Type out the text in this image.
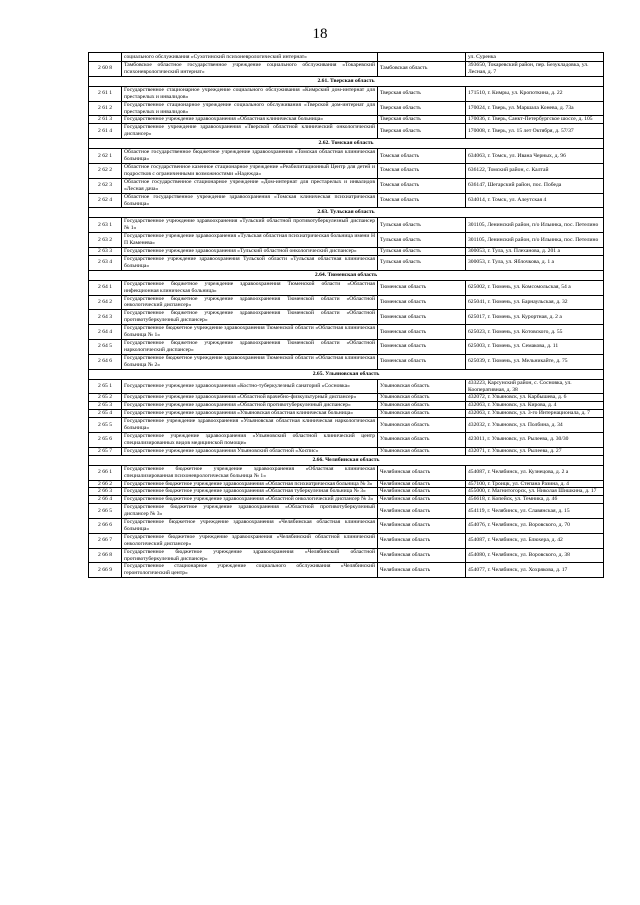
18
	социального обслуживания «Сухотинский психоневрологический интернат»		ул. Суренка
2 60 8	Тамбовское областное государственное учреждение социального обслуживания «Токаревский психоневрологический интернат»	Тамбовская область	393650, Токаревский район, пер. Безукладовка, ул. Лесная, д. 7
2.61. Тверская область			
2 61 1	Государственное стационарное учреждение социального обслуживания «Кимрский дом-интернат для престарелых и инвалидов»	Тверская область	171510, г. Кимры, ул. Кропоткина, д. 22
2 61 2	Государственное стационарное учреждение социального обслуживания «Тверской дом-интернат для престарелых и инвалидов»	Тверская область	170024, г. Тверь, ул. Маршала Конева, д. 73а
2 61 3	Государственное учреждение здравоохранения «Областная клиническая больница»	Тверская область	170036, г. Тверь, Санкт-Петербургское шоссе, д. 105
2 61 4	Государственное учреждение здравоохранения «Тверской областной клинический онкологический диспансер»	Тверская область	170008, г. Тверь, ул. 15 лет Октября, д. 57/37
2.62. Томская область			
2 62 1	Областное государственное бюджетное учреждение здравоохранения «Томская областная клиническая больница»	Томская область	634063, г. Томск, ул. Ивана Черных, д. 96
2 62 2	Областное государственное казенное стационарное учреждение «Реабилитационный Центр для детей и подростков с ограниченными возможностями «Надежда»	Томская область	636122, Томский район, с. Калтай
2 62 3	Областное государственное стационарное учреждение «Дом-интернат для престарелых и инвалидов «Лесная дача»	Томская область	636147, Шегарский район, пос. Победа
2 62 4	Областное государственное учреждение здравоохранения «Томская клиническая психиатрическая больница»	Томская область	634014, г. Томск, ул. Алеутская 4
2.63. Тульская область			
2 63 1	Государственное учреждение здравоохранения «Тульский областной противотуберкулезный диспансер № 1»	Тульская область	301105, Ленинский район, п/о Ильинка, пос. Петелино
2 63 2	Государственное учреждение здравоохранения «Тульская областная психиатрическая больница имени Н П Каменева»	Тульская область	301105, Ленинский район, п/о Ильинка, пос. Петелино
2 63 3	Государственное учреждение здравоохранения «Тульский областной онкологический диспансер»	Тульская область	300053, г. Тула, ул. Плеханова, д. 201 а
2 63 4	Государственное учреждение здравоохранения Тульской области «Тульская областная клиническая больница»	Тульская область	300053, г. Тула, ул. Яблочкова, д. 1 а
2.64. Тюменская область			
2 64 1	Государственное бюджетное учреждение здравоохранения Тюменской области «Областная инфекционная клиническая больница»	Тюменская область	625002, г. Тюмень, ул. Комсомольская, 54 а
2 64 2	Государственное бюджетное учреждение здравоохранения Тюменской области «Областной онкологический диспансер»	Тюменская область	625041, г. Тюмень, ул. Барнаульская, д. 32
2 64 3	Государственное бюджетное учреждение здравоохранения Тюменской области «Областной противотуберкулезный диспансер»	Тюменская область	625017, г. Тюмень, ул. Курортная, д. 2 а
2 64 4	Государственное бюджетное учреждение здравоохранения Тюменской области «Областная клиническая больница № 1»	Тюменская область	625023, г. Тюмень, ул. Котовского, д. 55
2 64 5	Государственное бюджетное учреждение здравоохранения Тюменской области «Областной наркологический диспансер»	Тюменская область	625003, г. Тюмень, ул. Семакова, д. 11
2 64 6	Государственное бюджетное учреждение здравоохранения Тюменской области «Областная клиническая больница № 2»	Тюменская область	625039, г. Тюмень, ул. Мельникайте, д. 75
2.65. Ульяновская область			
2 65 1	Государственное учреждение здравоохранения «Костно-туберкулезный санаторий «Сосновка»	Ульяновская область	433223, Карсунский район, с. Сосновка, ул. Кооперативная, д. 38
2 65 2	Государственное учреждение здравоохранения «Областной врачебно-физкультурный диспансер»	Ульяновская область	432072, г. Ульяновск, ул. Карбышева, д. 6
2 65 3	Государственное учреждение здравоохранения «Областной противотуберкулезный диспансер»	Ульяновская область	432063, г. Ульяновск, ул. Кирова, д. 4
2 65 4	Государственное учреждение здравоохранения «Ульяновская областная клиническая больница»	Ульяновская область	432063, г. Ульяновск, ул. 3-го Интернационала, д. 7
2 65 5	Государственное учреждение здравоохранения «Ульяновская областная клиническая наркологическая больница»	Ульяновская область	432032, г. Ульяновск, ул. Полбина, д. 34
2 65 6	Государственное учреждение здравоохранения «Ульяновский областной клинический центр специализированных видов медицинской помощи»	Ульяновская область	423011, г. Ульяновск, ул. Рылеева, д. 30/30
2 65 7	Государственное учреждение здравоохранения Ульяновский областной «Хоспис»	Ульяновская область	432071, г. Ульяновск, ул. Рылеева, д. 27
2.66. Челябинская область			
2 66 1	Государственное бюджетное учреждение здравоохранения «Областная клиническая специализированная психоневрологическая больница № 1»	Челябинская область	454087, г. Челябинск, ул. Кузнецова, д. 2 а
2 66 2	Государственное бюджетное учреждение здравоохранения «Областная психиатрическая больница № 3»	Челябинская область	457100, г. Троицк, ул. Степана Разина, д. 4
2 66 3	Государственное бюджетное учреждение здравоохранения «Областная туберкулезная больница № 3»	Челябинская область	455000, г. Магнитогорск, ул. Николая Шишкина, д. 17
2 66 4	Государственное бюджетное учреждение здравоохранения «Областной онкологический диспансер № 3»	Челябинская область	456618, г. Копейск, ул. Темника, д. 46
2 66 5	Государственное бюджетное учреждение здравоохранения «Областной противотуберкулезный диспансер № 3»	Челябинская область	454119, г. Челябинск, ул. Славянская, д. 15
2 66 6	Государственное бюджетное учреждение здравоохранения «Челябинская областная клиническая больница»	Челябинская область	454076, г. Челябинск, ул. Воровского, д. 70
2 66 7	Государственное бюджетное учреждение здравоохранения «Челябинский областной клинический онкологический диспансер»	Челябинская область	454087, г. Челябинск, ул. Блюхера, д. 42
2 66 8	Государственное бюджетное учреждение здравоохранения «Челябинский областной противотуберкулезный диспансер»	Челябинская область	454080, г. Челябинск, ул. Воровского, д. 38
2 66 9	Государственное стационарное учреждение социального обслуживания «Челябинский геронтологический центр»	Челябинская область	454077, г. Челябинск, ул. Хохрякова, д. 17
